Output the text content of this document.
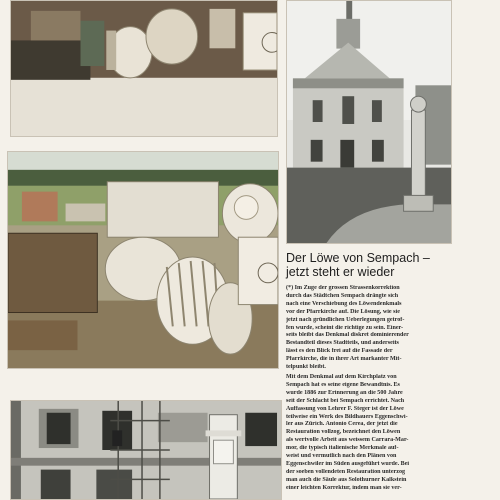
Der Löwe von Sempach –
jetzt steht er wieder
(*) Im Zuge der grossen Strassenkorrektion
durch das Städtchen Sempach drängte sich
nach eine Verschiebung des Löwendenkmals
vor der Pfarrkirche auf. Die Lösung, wie sie
jetzt nach gründlichen Ueberlegungen getrof-
fen wurde, scheint die richtige zu sein. Einer-
seits bleibt das Denkmal diskret dominierender
Bestandteil dieses Stadtteils, und anderseits
lässt es den Blick frei auf die Fassade der
Pfarrkirche, die in ihrer Art markanter Mit-
telpunkt bleibt.
Mit dem Denkmal auf dem Kirchplatz von
Sempach hat es seine eigene Bewandtnis. Es
wurde 1886 zur Erinnerung an die 500 Jahre
seit der Schlacht bei Sempach errichtet. Nach
Auffassung von Lehrer F. Steger ist der Löwe
teilweise ein Werk des Bildhauers Eggenschwi-
ler aus Zürich. Antonio Cerea, der jetzt die
Restauration vollzog, bezeichnet den Löwen
als wertvolle Arbeit aus weissem Carrara-Mar-
mor, die typisch italienische Merkmale auf-
weist und vermutlich nach den Plänen von
Eggenschwiler im Süden ausgeführt wurde. Bei
der soeben vollendeten Restauration unterzog
man auch die Säule aus Solothurner Kalkstein
einer leichten Korrektur, indem man sie ver-
